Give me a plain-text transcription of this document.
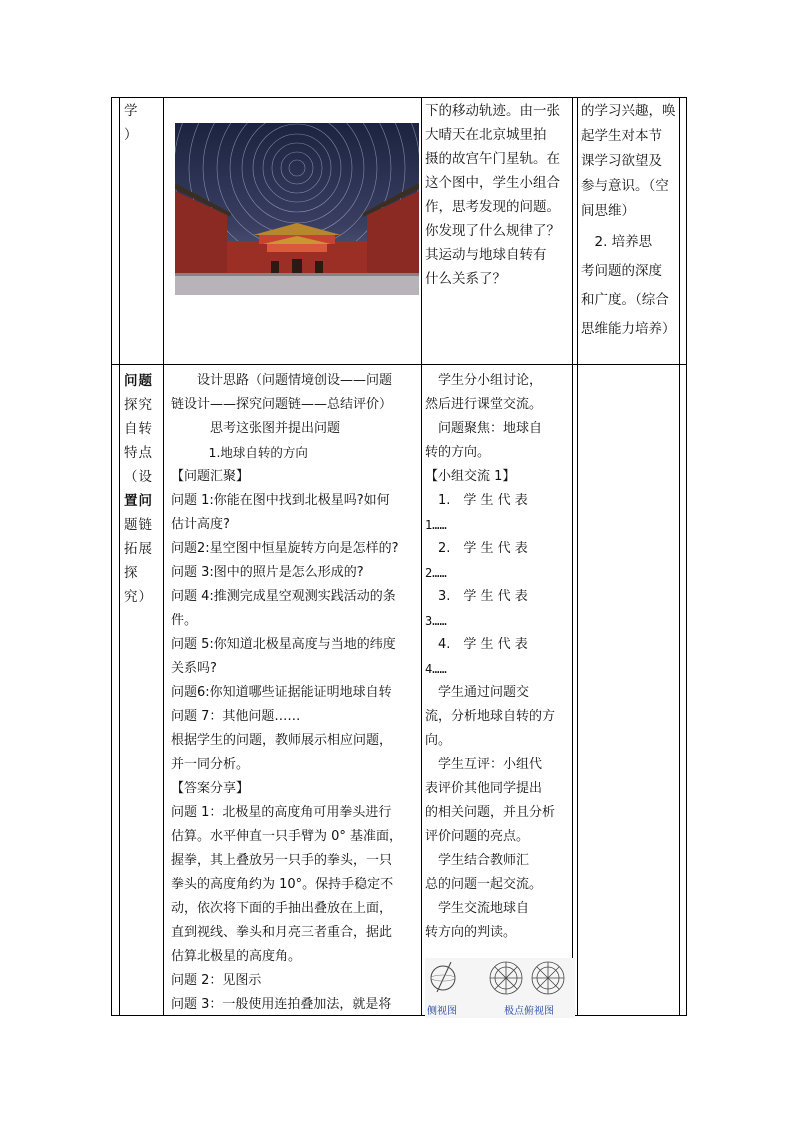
学
）

下的移动轨迹。由一张

大晴天在北京城里拍

摄的故宫午门星轨。在

这个图中，学生小组合

作，思考发现的问题。

你发现了什么规律了？

其运动与地球自转有

什么关系了？

的学习兴趣，唤

起学生对本节

课学习欲望及

参与意识。（空

间思维）

　2. 培养思

考问题的深度

和广度。（综合

思维能力培养）

问题
探究
自转
特点
（设
置问
题链
拓展
探究）

　　设计思路（问题情境创设——问题

链设计——探究问题链——总结评价）

　　　思考这张图并提出问题

　　　1.地球自转的方向

【问题汇聚】

问题 1:你能在图中找到北极星吗?如何

估计高度?

问题2:星空图中恒星旋转方向是怎样的?

问题 3:图中的照片是怎么形成的?

问题 4:推测完成星空观测实践活动的条

件。

问题 5:你知道北极星高度与当地的纬度

关系吗?

问题6:你知道哪些证据能证明地球自转

问题 7：其他问题……

根据学生的问题，教师展示相应问题，

并一同分析。

【答案分享】

问题 1：北极星的高度角可用拳头进行

估算。水平伸直一只手臂为 0° 基准面，

握拳，其上叠放另一只手的拳头，一只

拳头的高度角约为 10°。保持手稳定不

动，依次将下面的手抽出叠放在上面，

直到视线、拳头和月亮三者重合，据此

估算北极星的高度角。

问题 2：见图示

问题 3：一般使用连拍叠加法，就是将

　学生分小组讨论，

然后进行课堂交流。

　问题聚焦：地球自

转的方向。

【小组交流 1】

　1.　学 生 代 表

1……

　2.　学 生 代 表

2……

　3.　学 生 代 表

3……

　4.　学 生 代 表

4……

　学生通过问题交

流，分析地球自转的方

向。

　学生互评：小组代

表评价其他同学提出

的相关问题，并且分析

评价问题的亮点。

　学生结合教师汇

总的问题一起交流。

　学生交流地球自

转方向的判读。

侧视图	极点俯视图
